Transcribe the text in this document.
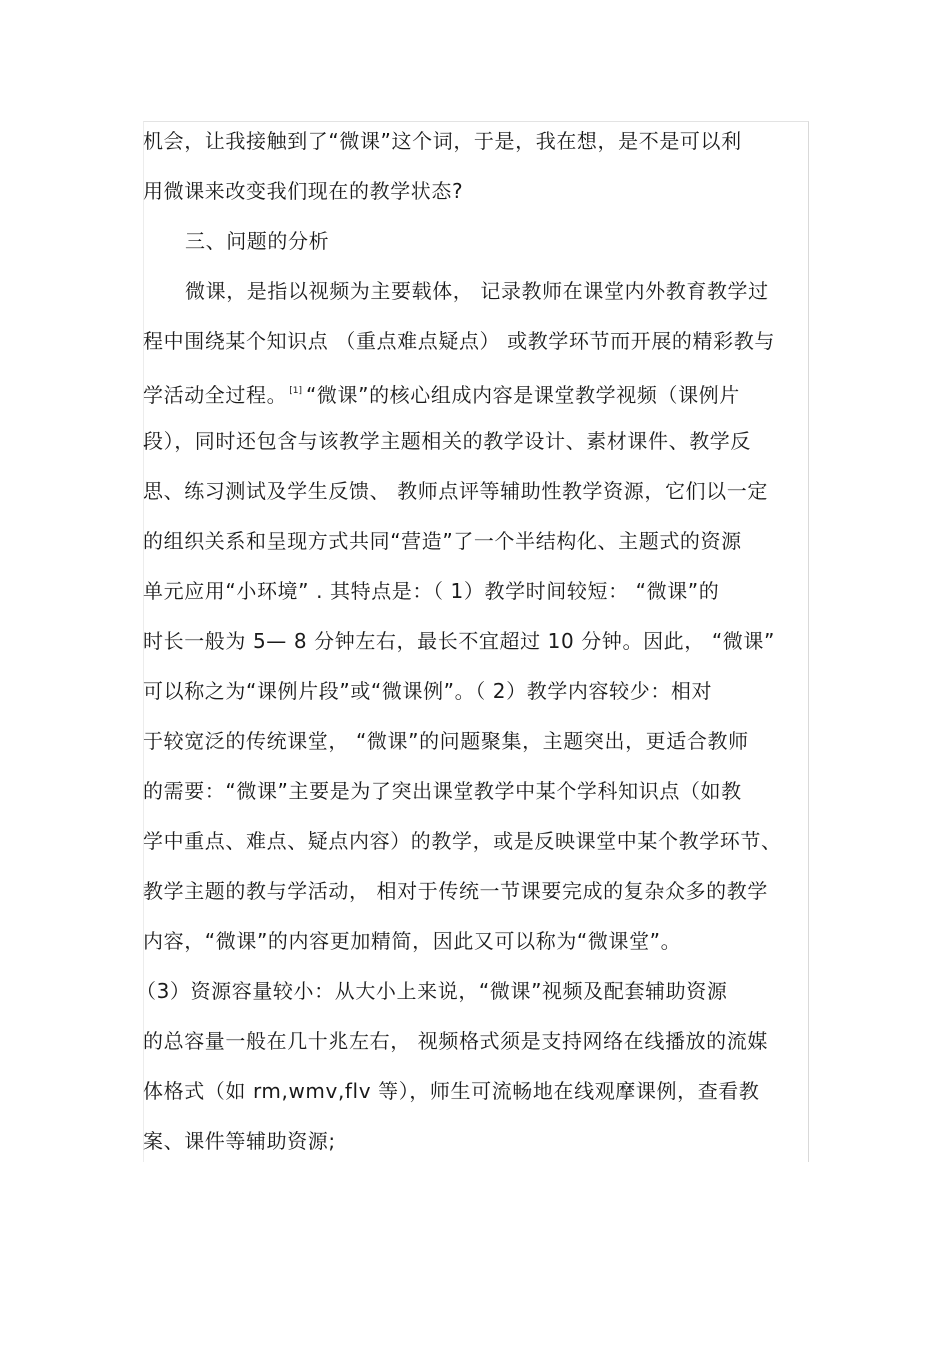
机会，让我接触到了“微课”这个词，于是，我在想，是不是可以利
用微课来改变我们现在的教学状态?
三、问题的分析
微课，是指以视频为主要载体， 记录教师在课堂内外教育教学过
程中围绕某个知识点 （重点难点疑点） 或教学环节而开展的精彩教与
学活动全过程。 [1] “微课”的核心组成内容是课堂教学视频（课例片
段），同时还包含与该教学主题相关的教学设计、素材课件、教学反
思、练习测试及学生反馈、 教师点评等辅助性教学资源，它们以一定
的组织关系和呈现方式共同“营造”了一个半结构化、主题式的资源
单元应用“小环境” . 其特点是：（ 1）教学时间较短： “微课”的
时长一般为 5— 8 分钟左右，最长不宜超过 10 分钟。因此， “微课”
可以称之为“课例片段”或“微课例”。（ 2）教学内容较少：相对
于较宽泛的传统课堂， “微课”的问题聚集，主题突出，更适合教师
的需要：“微课”主要是为了突出课堂教学中某个学科知识点（如教
学中重点、难点、疑点内容）的教学，或是反映课堂中某个教学环节、
教学主题的教与学活动， 相对于传统一节课要完成的复杂众多的教学
内容，“微课”的内容更加精简，因此又可以称为“微课堂”。
（3）资源容量较小：从大小上来说，“微课”视频及配套辅助资源
的总容量一般在几十兆左右， 视频格式须是支持网络在线播放的流媒
体格式（如 rm,wmv,flv 等），师生可流畅地在线观摩课例，查看教
案、课件等辅助资源;
